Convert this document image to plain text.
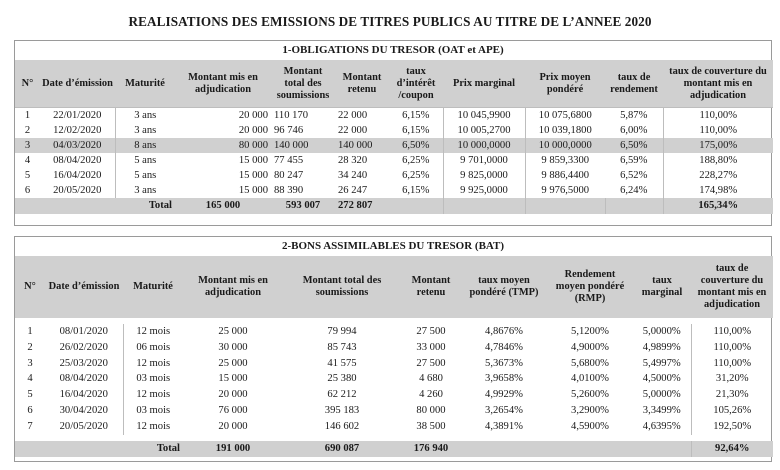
REALISATIONS DES EMISSIONS DE TITRES PUBLICS AU TITRE DE L’ANNEE 2020
1-OBLIGATIONS DU TRESOR (OAT et APE)
N°	Date d’émission	Maturité	Montant mis en adjudication	Montant total des soumissions	Montant retenu	taux d’intérêt /coupon	Prix marginal	Prix moyen pondéré	taux de rendement	taux de couverture du montant mis en adjudication
1	22/01/2020	3 ans	20 000	110 170	22 000	6,15%	10 045,9900	10 075,6800	5,87%	110,00%
2	12/02/2020	3 ans	20 000	96 746	22 000	6,15%	10 005,2700	10 039,1800	6,00%	110,00%
3	04/03/2020	8 ans	80 000	140 000	140 000	6,50%	10 000,0000	10 000,0000	6,50%	175,00%
4	08/04/2020	5 ans	15 000	77 455	28 320	6,25%	9 701,0000	9 859,3300	6,59%	188,80%
5	16/04/2020	5 ans	15 000	80 247	34 240	6,25%	9 825,0000	9 886,4400	6,52%	228,27%
6	20/05/2020	3 ans	15 000	88 390	26 247	6,15%	9 925,0000	9 976,5000	6,24%	174,98%
Total			165 000	593 007	272 807					165,34%
2-BONS ASSIMILABLES DU TRESOR (BAT)
N°	Date d’émission	Maturité	Montant mis en adjudication	Montant total des soumissions	Montant retenu	taux moyen pondéré (TMP)	Rendement moyen pondéré (RMP)	taux marginal	taux de couverture du montant mis en adjudication

1	08/01/2020	12 mois	25 000	79 994	27 500	4,8676%	5,1200%	5,0000%	110,00%
2	26/02/2020	06 mois	30 000	85 743	33 000	4,7846%	4,9000%	4,9899%	110,00%
3	25/03/2020	12 mois	25 000	41 575	27 500	5,3673%	5,6800%	5,4997%	110,00%
4	08/04/2020	03 mois	15 000	25 380	4 680	3,9658%	4,0100%	4,5000%	31,20%
5	16/04/2020	12 mois	20 000	62 212	4 260	4,9929%	5,2600%	5,0000%	21,30%
6	30/04/2020	03 mois	76 000	395 183	80 000	3,2654%	3,2900%	3,3499%	105,26%
7	20/05/2020	12 mois	20 000	146 602	38 500	4,3891%	4,5900%	4,6395%	192,50%

Total			191 000	690 087	176 940				92,64%
